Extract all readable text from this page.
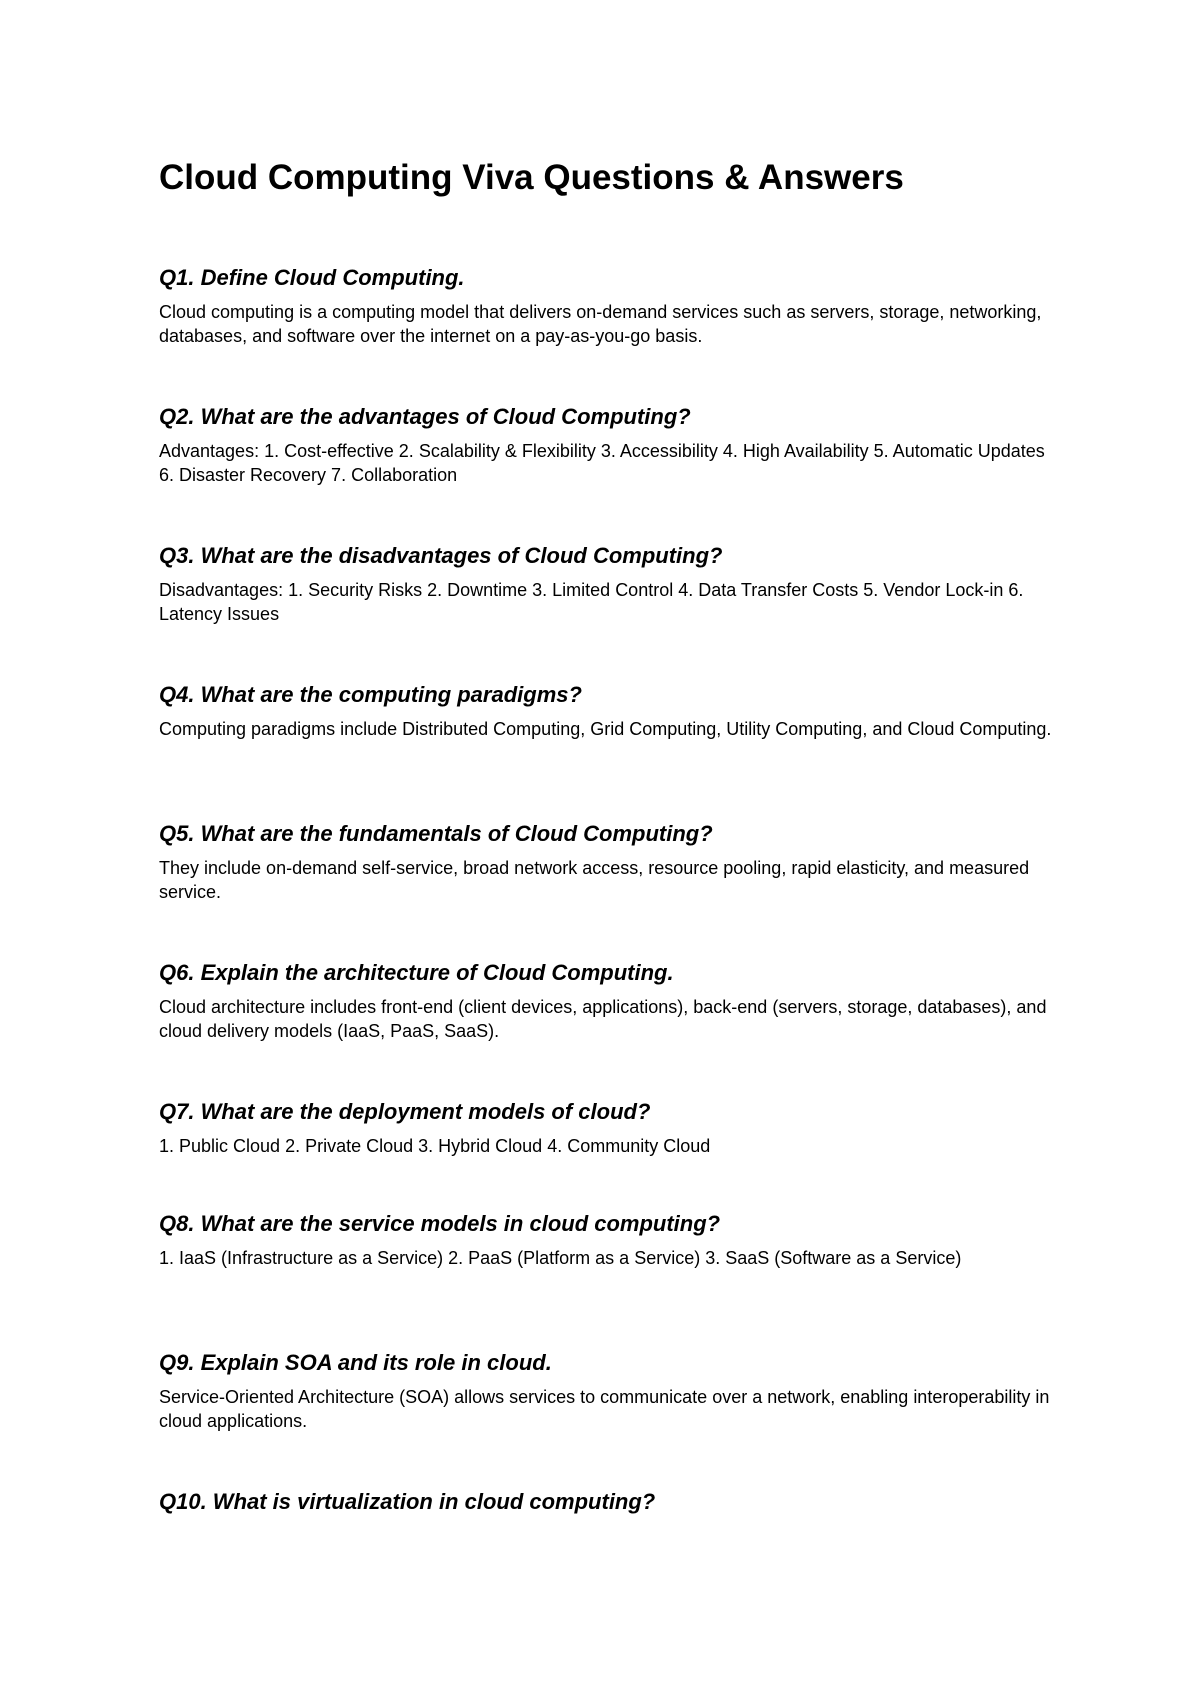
Cloud Computing Viva Questions & Answers

Q1. Define Cloud Computing.

Cloud computing is a computing model that delivers on-demand services such as servers, storage, networking, databases, and software over the internet on a pay-as-you-go basis.

Q2. What are the advantages of Cloud Computing?

Advantages: 1. Cost-effective 2. Scalability & Flexibility 3. Accessibility 4. High Availability 5. Automatic Updates 6. Disaster Recovery 7. Collaboration

Q3. What are the disadvantages of Cloud Computing?

Disadvantages: 1. Security Risks 2. Downtime 3. Limited Control 4. Data Transfer Costs 5. Vendor Lock-in 6. Latency Issues

Q4. What are the computing paradigms?

Computing paradigms include Distributed Computing, Grid Computing, Utility Computing, and Cloud Computing.

Q5. What are the fundamentals of Cloud Computing?

They include on-demand self-service, broad network access, resource pooling, rapid elasticity, and measured service.

Q6. Explain the architecture of Cloud Computing.

Cloud architecture includes front-end (client devices, applications), back-end (servers, storage, databases), and cloud delivery models (IaaS, PaaS, SaaS).

Q7. What are the deployment models of cloud?

1. Public Cloud 2. Private Cloud 3. Hybrid Cloud 4. Community Cloud

Q8. What are the service models in cloud computing?

1. IaaS (Infrastructure as a Service) 2. PaaS (Platform as a Service) 3. SaaS (Software as a Service)

Q9. Explain SOA and its role in cloud.

Service-Oriented Architecture (SOA) allows services to communicate over a network, enabling interoperability in cloud applications.

Q10. What is virtualization in cloud computing?
